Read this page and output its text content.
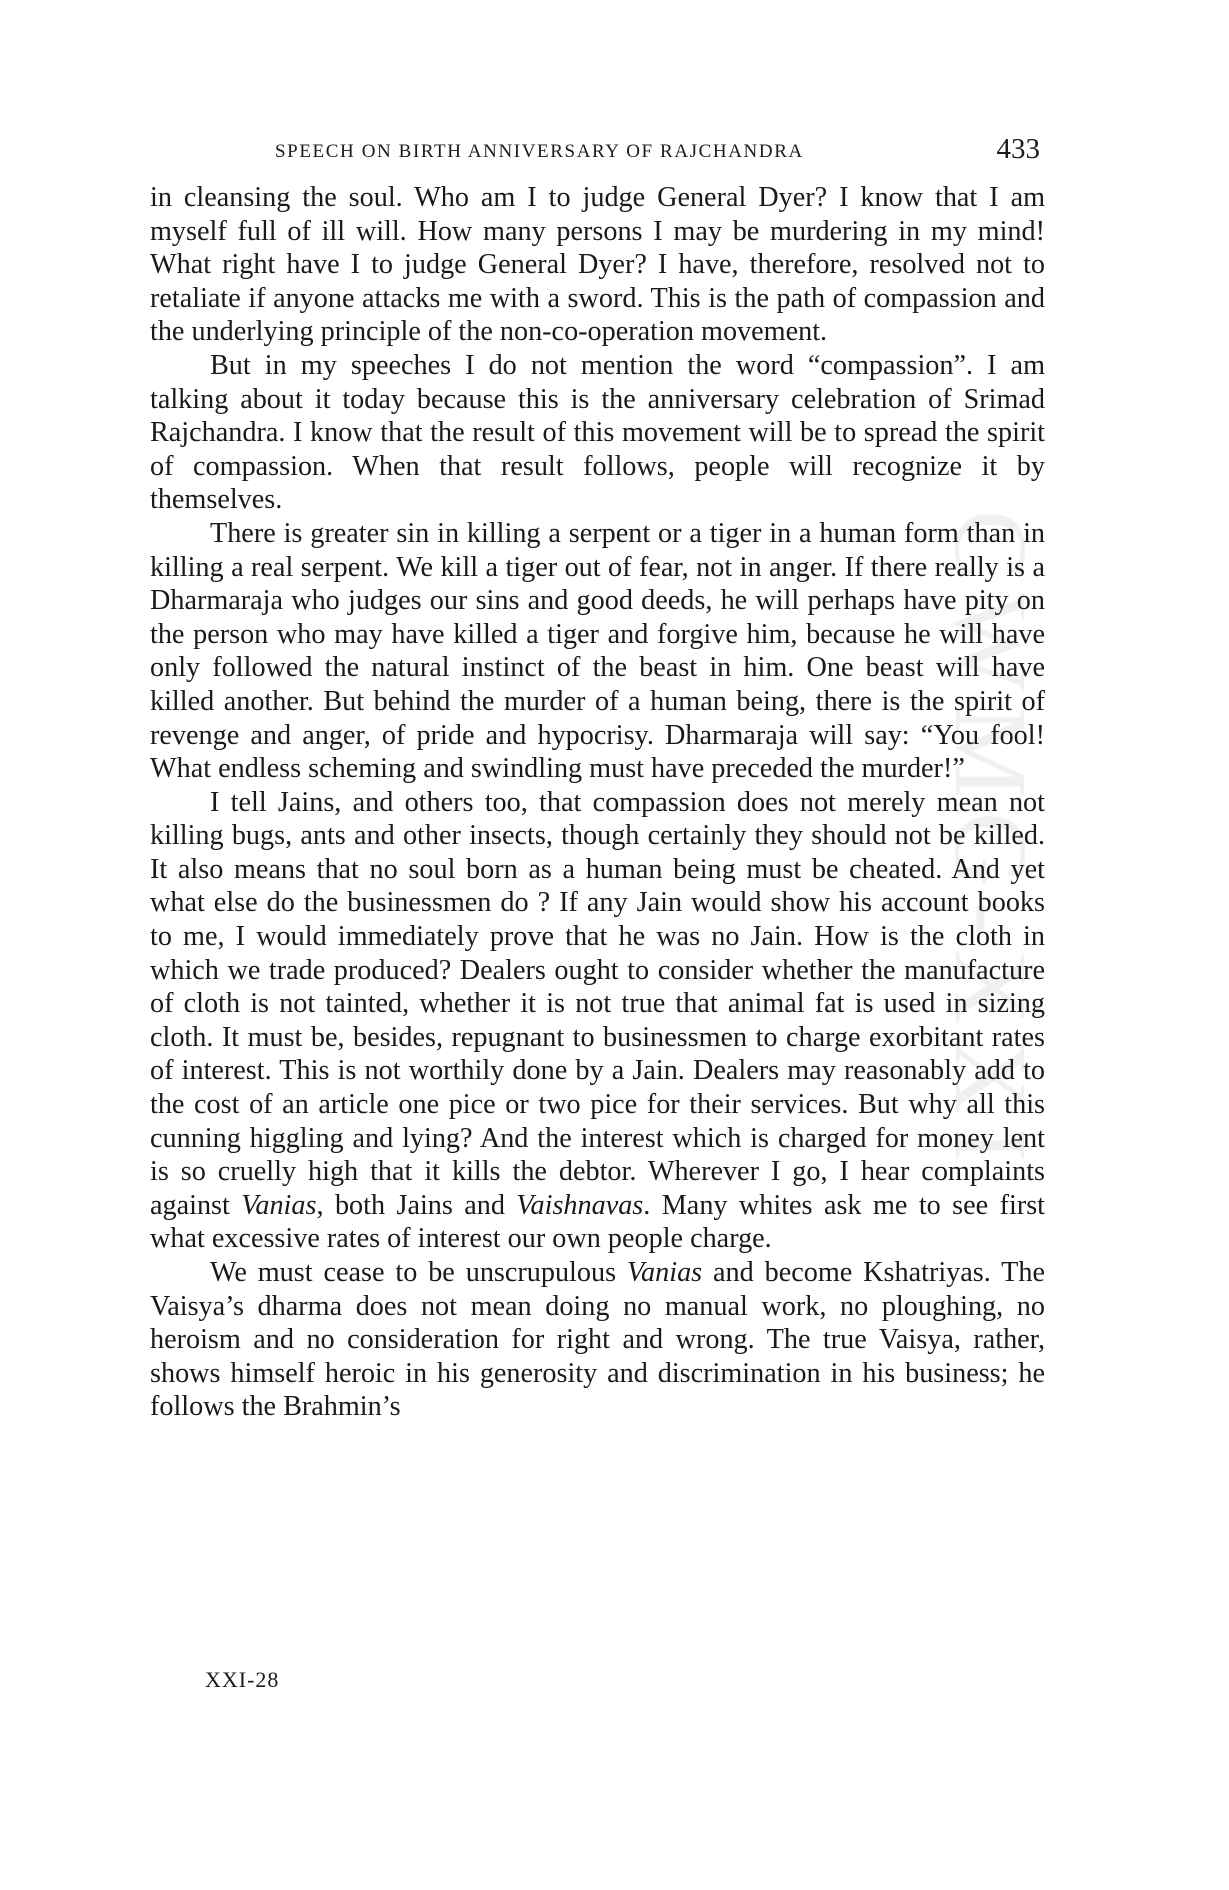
CWMG-XXI
SPEECH ON BIRTH ANNIVERSARY OF RAJCHANDRA	433

in cleansing the soul. Who am I to judge General Dyer? I know that I am myself full of ill will. How many persons I may be murdering in my mind! What right have I to judge General Dyer? I have, therefore, resolved not to retaliate if anyone attacks me with a sword. This is the path of compassion and the underlying principle of the non-co-operation movement.

But in my speeches I do not mention the word “compassion”. I am talking about it today because this is the anniversary celebration of Srimad Rajchandra. I know that the result of this movement will be to spread the spirit of compassion. When that result follows, people will recognize it by themselves.

There is greater sin in killing a serpent or a tiger in a human form than in killing a real serpent. We kill a tiger out of fear, not in anger. If there really is a Dharmaraja who judges our sins and good deeds, he will perhaps have pity on the person who may have killed a tiger and forgive him, because he will have only followed the natural instinct of the beast in him. One beast will have killed another. But behind the murder of a human being, there is the spirit of revenge and anger, of pride and hypocrisy. Dharmaraja will say: “You fool! What endless scheming and swindling must have preceded the murder!”

I tell Jains, and others too, that compassion does not merely mean not killing bugs, ants and other insects, though certainly they should not be killed. It also means that no soul born as a human being must be cheated. And yet what else do the businessmen do ? If any Jain would show his account books to me, I would immediately prove that he was no Jain. How is the cloth in which we trade produced? Dealers ought to consider whether the manufacture of cloth is not tainted, whether it is not true that animal fat is used in sizing cloth. It must be, besides, repugnant to businessmen to charge exorbitant rates of interest. This is not worthily done by a Jain. Dealers may reasonably add to the cost of an article one pice or two pice for their services. But why all this cunning higgling and lying? And the interest which is charged for money lent is so cruelly high that it kills the debtor. Wherever I go, I hear complaints against Vanias, both Jains and Vaishnavas. Many whites ask me to see first what excessive rates of interest our own people charge.

We must cease to be unscrupulous Vanias and become Kshatriyas. The Vaisya’s dharma does not mean doing no manual work, no ploughing, no heroism and no consideration for right and wrong. The true Vaisya, rather, shows himself heroic in his generosity and discrimination in his business; he follows the Brahmin’s

XXI-28
